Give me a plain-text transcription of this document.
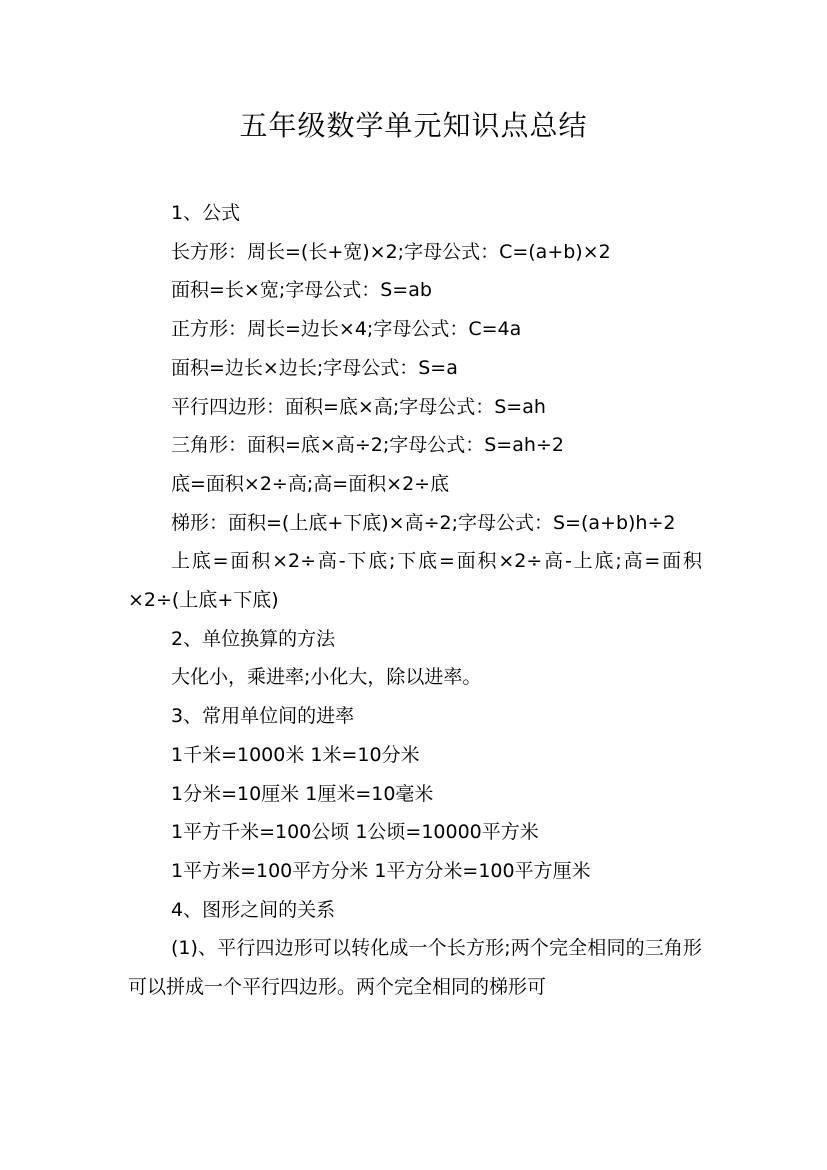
五年级数学单元知识点总结

1、公式

长方形：周长=(长+宽)×2;字母公式：C=(a+b)×2

面积=长×宽;字母公式：S=ab

正方形：周长=边长×4;字母公式：C=4a

面积=边长×边长;字母公式：S=a

平行四边形：面积=底×高;字母公式：S=ah

三角形：面积=底×高÷2;字母公式：S=ah÷2

底=面积×2÷高;高=面积×2÷底

梯形：面积=(上底+下底)×高÷2;字母公式：S=(a+b)h÷2

上底=面积×2÷高-下底;下底=面积×2÷高-上底;高=面积×2÷(上底+下底)

2、单位换算的方法

大化小，乘进率;小化大，除以进率。

3、常用单位间的进率

1千米=1000米 1米=10分米

1分米=10厘米 1厘米=10毫米

1平方千米=100公顷 1公顷=10000平方米

1平方米=100平方分米 1平方分米=100平方厘米

4、图形之间的关系

(1)、平行四边形可以转化成一个长方形;两个完全相同的三角形可以拼成一个平行四边形。两个完全相同的梯形可
